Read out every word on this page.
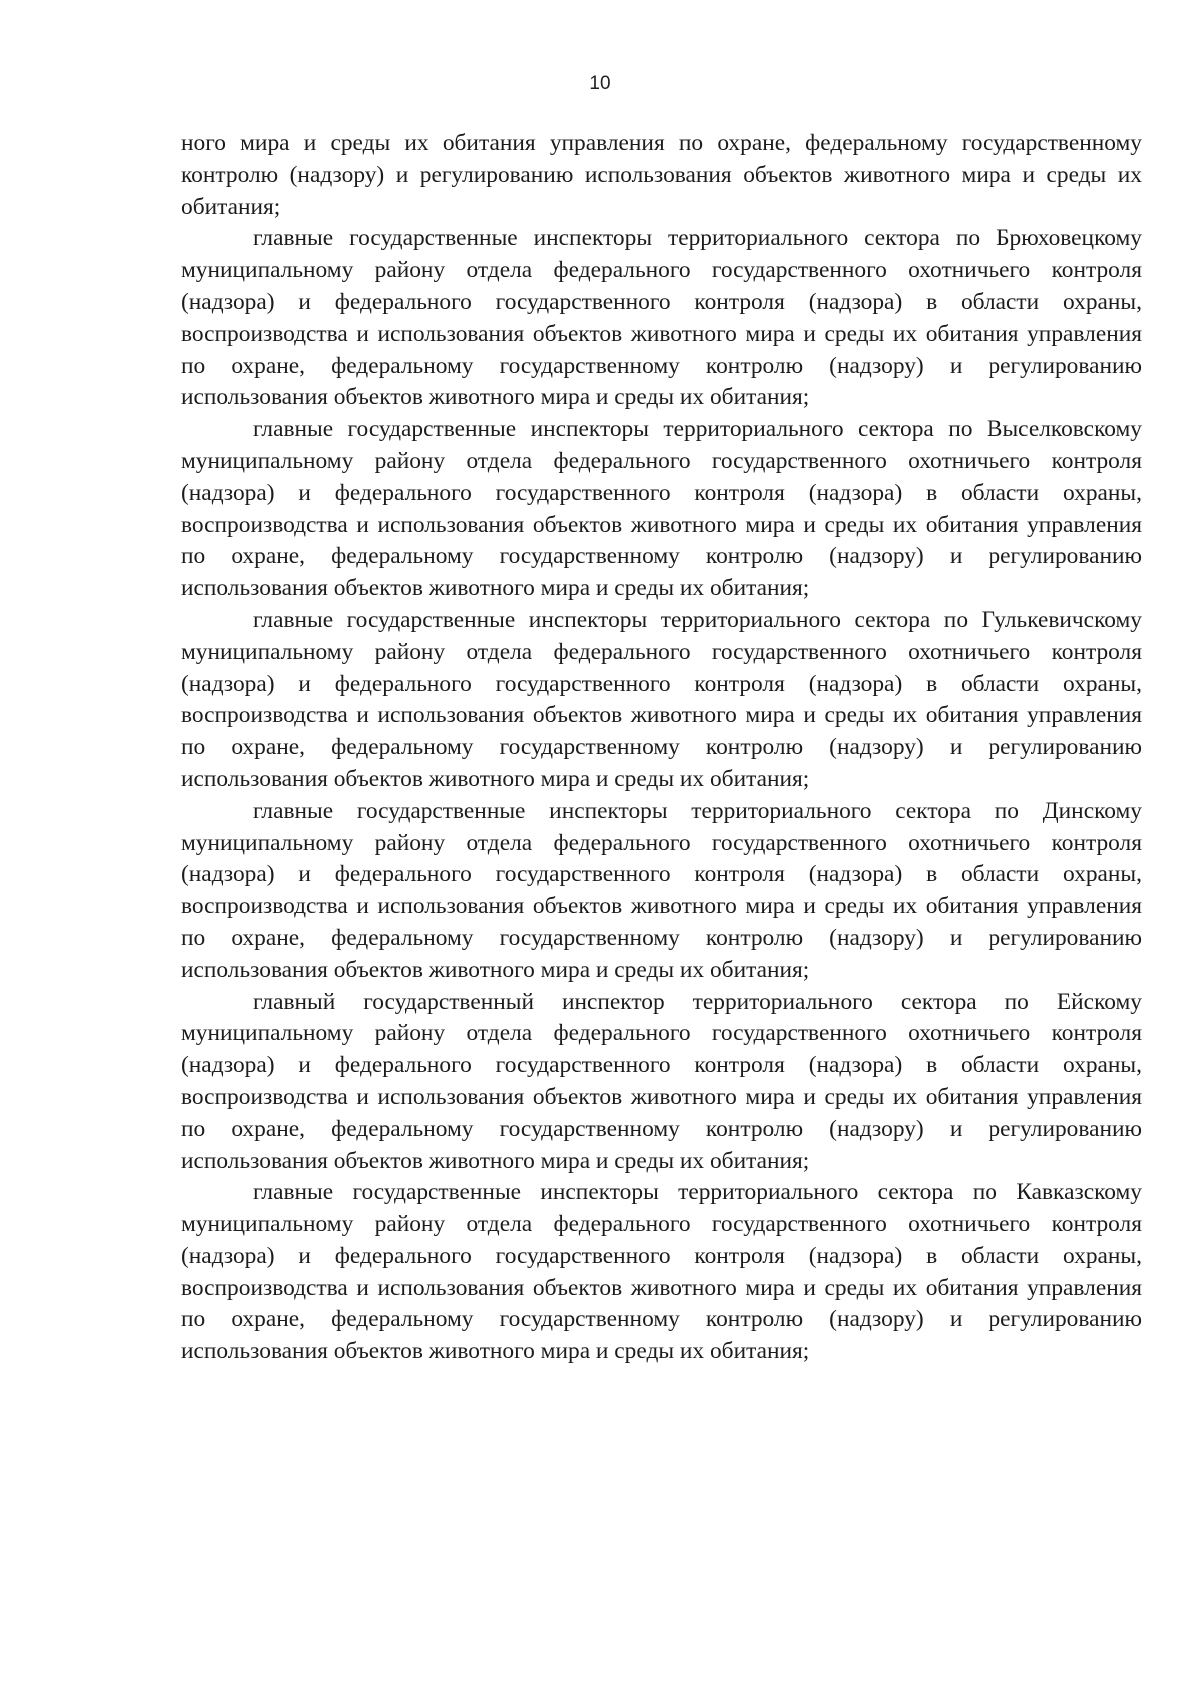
10

ного мира и среды их обитания управления по охране, федеральному государственному контролю (надзору) и регулированию использования объектов животного мира и среды их обитания;

главные государственные инспекторы территориального сектора по Брюховецкому муниципальному району отдела федерального государственного охотничьего контроля (надзора) и федерального государственного контроля (надзора) в области охраны, воспроизводства и использования объектов животного мира и среды их обитания управления по охране, федеральному государственному контролю (надзору) и регулированию использования объектов животного мира и среды их обитания;

главные государственные инспекторы территориального сектора по Выселковскому муниципальному району отдела федерального государственного охотничьего контроля (надзора) и федерального государственного контроля (надзора) в области охраны, воспроизводства и использования объектов животного мира и среды их обитания управления по охране, федеральному государственному контролю (надзору) и регулированию использования объектов животного мира и среды их обитания;

главные государственные инспекторы территориального сектора по Гулькевичскому муниципальному району отдела федерального государственного охотничьего контроля (надзора) и федерального государственного контроля (надзора) в области охраны, воспроизводства и использования объектов животного мира и среды их обитания управления по охране, федеральному государственному контролю (надзору) и регулированию использования объектов животного мира и среды их обитания;

главные государственные инспекторы территориального сектора по Динскому муниципальному району отдела федерального государственного охотничьего контроля (надзора) и федерального государственного контроля (надзора) в области охраны, воспроизводства и использования объектов животного мира и среды их обитания управления по охране, федеральному государственному контролю (надзору) и регулированию использования объектов животного мира и среды их обитания;

главный государственный инспектор территориального сектора по Ейскому муниципальному району отдела федерального государственного охотничьего контроля (надзора) и федерального государственного контроля (надзора) в области охраны, воспроизводства и использования объектов животного мира и среды их обитания управления по охране, федеральному государственному контролю (надзору) и регулированию использования объектов животного мира и среды их обитания;

главные государственные инспекторы территориального сектора по Кавказскому муниципальному району отдела федерального государственного охотничьего контроля (надзора) и федерального государственного контроля (надзора) в области охраны, воспроизводства и использования объектов животного мира и среды их обитания управления по охране, федеральному государственному контролю (надзору) и регулированию использования объектов животного мира и среды их обитания;
